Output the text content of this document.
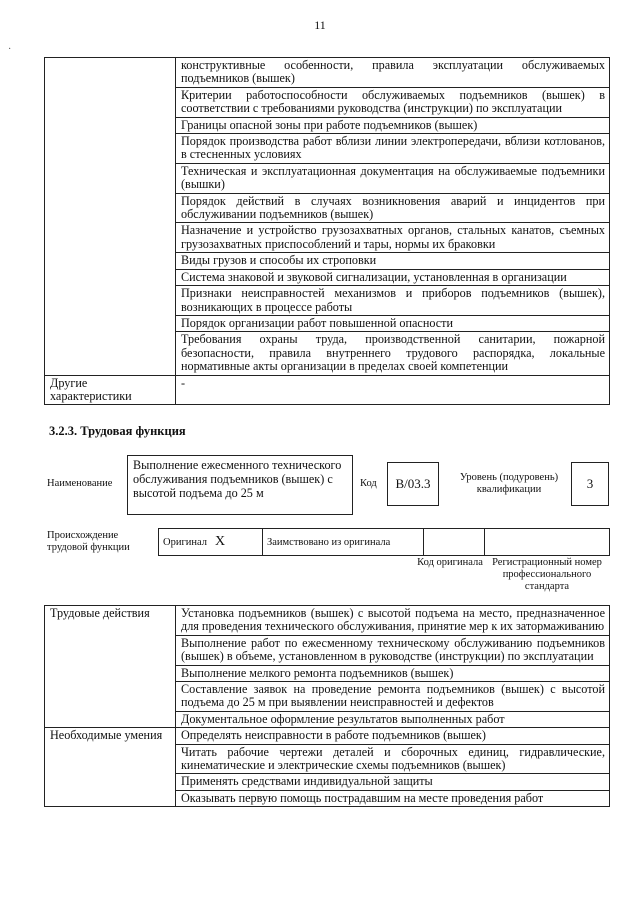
11
·
	конструктивные особенности, правила эксплуатации обслуживаемых подъемников (вышек)
	Критерии работоспособности обслуживаемых подъемников (вышек) в соответствии с требованиями руководства (инструкции) по эксплуатации
	Границы опасной зоны при работе подъемников (вышек)
	Порядок производства работ вблизи линии электропередачи, вблизи котлованов, в стесненных условиях
	Техническая и эксплуатационная документация на обслуживаемые подъемники (вышки)
	Порядок действий в случаях возникновения аварий и инцидентов при обслуживании подъемников (вышек)
	Назначение и устройство грузозахватных органов, стальных канатов, съемных грузозахватных приспособлений и тары, нормы их браковки
	Виды грузов и способы их строповки
	Система знаковой и звуковой сигнализации, установленная в организации
	Признаки неисправностей механизмов и приборов подъемников (вышек), возникающих в процессе работы
	Порядок организации работ повышенной опасности
	Требования охраны труда, производственной санитарии, пожарной безопасности, правила внутреннего трудового распорядка, локальные нормативные акты организации в пределах своей компетенции
Другие характеристики	-
3.2.3. Трудовая функция
Наименование
Выполнение ежесменного технического обслуживания подъемников (вышек) с высотой подъема до 25 м
Код	B/03.3	Уровень (подуровень) квалификации	3
Происхождение трудовой функции	Оригинал X	Заимствовано из оригинала		
Код оригинала Регистрационный номер профессионального стандарта
Трудовые действия	Установка подъемников (вышек) с высотой подъема на место, предназначенное для проведения технического обслуживания, принятие мер к их затормаживанию
	Выполнение работ по ежесменному техническому обслуживанию подъемников (вышек) в объеме, установленном в руководстве (инструкции) по эксплуатации
	Выполнение мелкого ремонта подъемников (вышек)
	Составление заявок на проведение ремонта подъемников (вышек) с высотой подъема до 25 м при выявлении неисправностей и дефектов
	Документальное оформление результатов выполненных работ
Необходимые умения	Определять неисправности в работе подъемников (вышек)
	Читать рабочие чертежи деталей и сборочных единиц, гидравлические, кинематические и электрические схемы подъемников (вышек)
	Применять средствами индивидуальной защиты
	Оказывать первую помощь пострадавшим на месте проведения работ
